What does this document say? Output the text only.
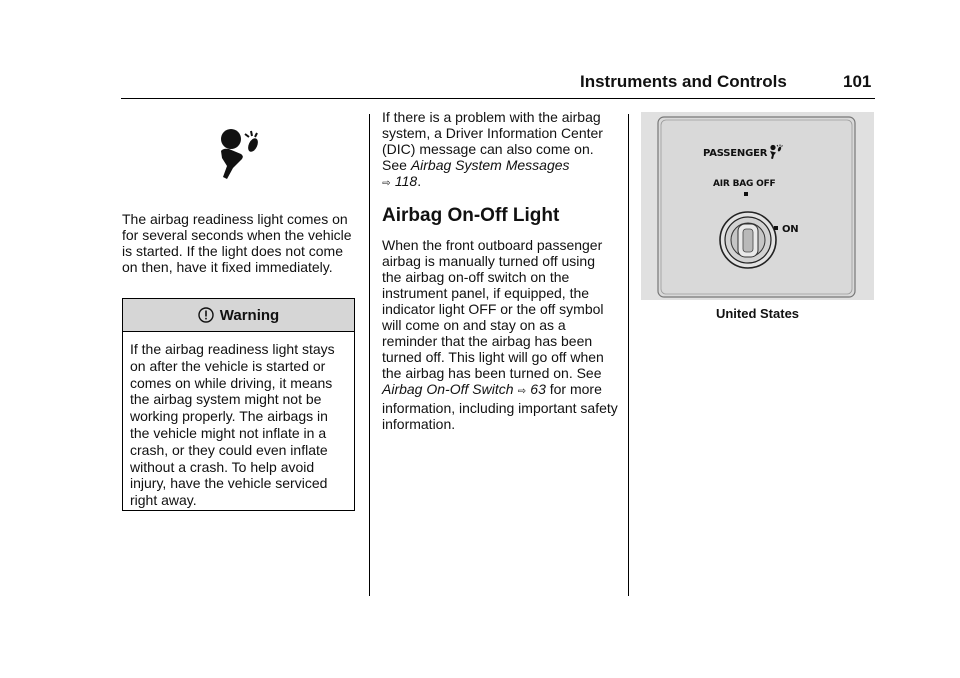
Instruments and Controls	101
The airbag readiness light comes on for several seconds when the vehicle is started. If the light does not come on then, have it fixed immediately.
Warning
If the airbag readiness light stays on after the vehicle is started or comes on while driving, it means the airbag system might not be working properly. The airbags in the vehicle might not inflate in a crash, or they could even inflate without a crash. To help avoid injury, have the vehicle serviced right away.

If there is a problem with the airbag system, a Driver Information Center (DIC) message can also come on. See Airbag System Messages
⇨ 118.

Airbag On-Off Light

When the front outboard passenger airbag is manually turned off using the airbag on-off switch on the instrument panel, if equipped, the indicator light OFF or the off symbol will come on and stay on as a reminder that the airbag has been turned off. This light will go off when the airbag has been turned on. See Airbag On-Off Switch ⇨ 63 for more information, including important safety information.

PASSENGER
AIR BAG OFF
ON
United States
